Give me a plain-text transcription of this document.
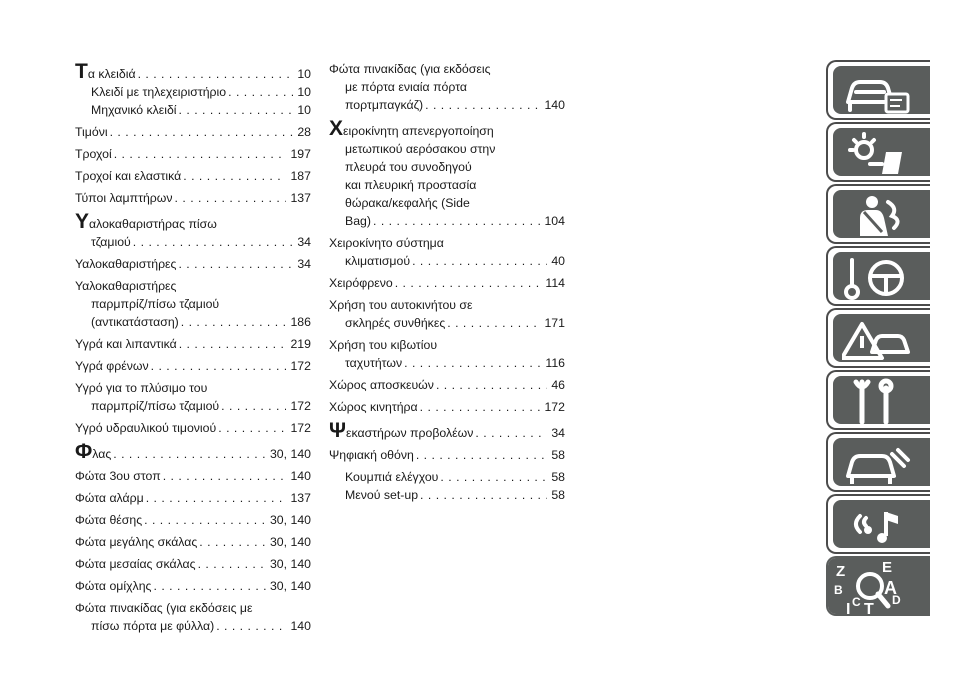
Τ α κλειδιά . . .	10
Κλειδί με τηλεχειριστήριο . . .	10
Μηχανικό κλειδί . . .	10
Τιμόνι . . .	28
Τροχοί . . .	197
Τροχοί και ελαστικά . . .	187
Τύποι λαμπτήρων . . .	137
Υ αλοκαθαριστήρας πίσω
τζαμιού . . .	34
Υαλοκαθαριστήρες . . .	34
Υαλοκαθαριστήρες
παρμπρίζ/πίσω τζαμιού
(αντικατάσταση) . . .	186
Υγρά και λιπαντικά . . .	219
Υγρά φρένων . . .	172
Υγρό για το πλύσιμο του
παρμπρίζ/πίσω τζαμιού . . .	172
Υγρό υδραυλικού τιμονιού . . .	172
Φ λας . . .	30, 140
Φώτα 3ου στοπ . . .	140
Φώτα αλάρμ . . .	137
Φώτα θέσης . . .	30, 140
Φώτα μεγάλης σκάλας . . .	30, 140
Φώτα μεσαίας σκάλας . . .	30, 140
Φώτα ομίχλης . . .	30, 140
Φώτα πινακίδας (για εκδόσεις με
πίσω πόρτα με φύλλα) . . .	140
Φώτα πινακίδας (για εκδόσεις
με πόρτα ενιαία πόρτα
πορτμπαγκάζ) . . .	140
Χ ειροκίνητη απενεργοποίηση
μετωπικού αερόσακου στην
πλευρά του συνοδηγού
και πλευρική προστασία
θώρακα/κεφαλής (Side
Bag) . . .	104
Χειροκίνητο σύστημα
κλιματισμού . . .	40
Χειρόφρενο . . .	114
Χρήση του αυτοκινήτου σε
σκληρές συνθήκες . . .	171
Χρήση του κιβωτίου
ταχυτήτων . . .	116
Χώρος αποσκευών . . .	46
Χώρος κινητήρα . . .	172
Ψ εκαστήρων προβολέων . . .	34
Ψηφιακή οθόνη . . .	58
Κουμπιά ελέγχου . . .	58
Μενού set-up . . .	58
Z E
A
B
C	D
T
I
